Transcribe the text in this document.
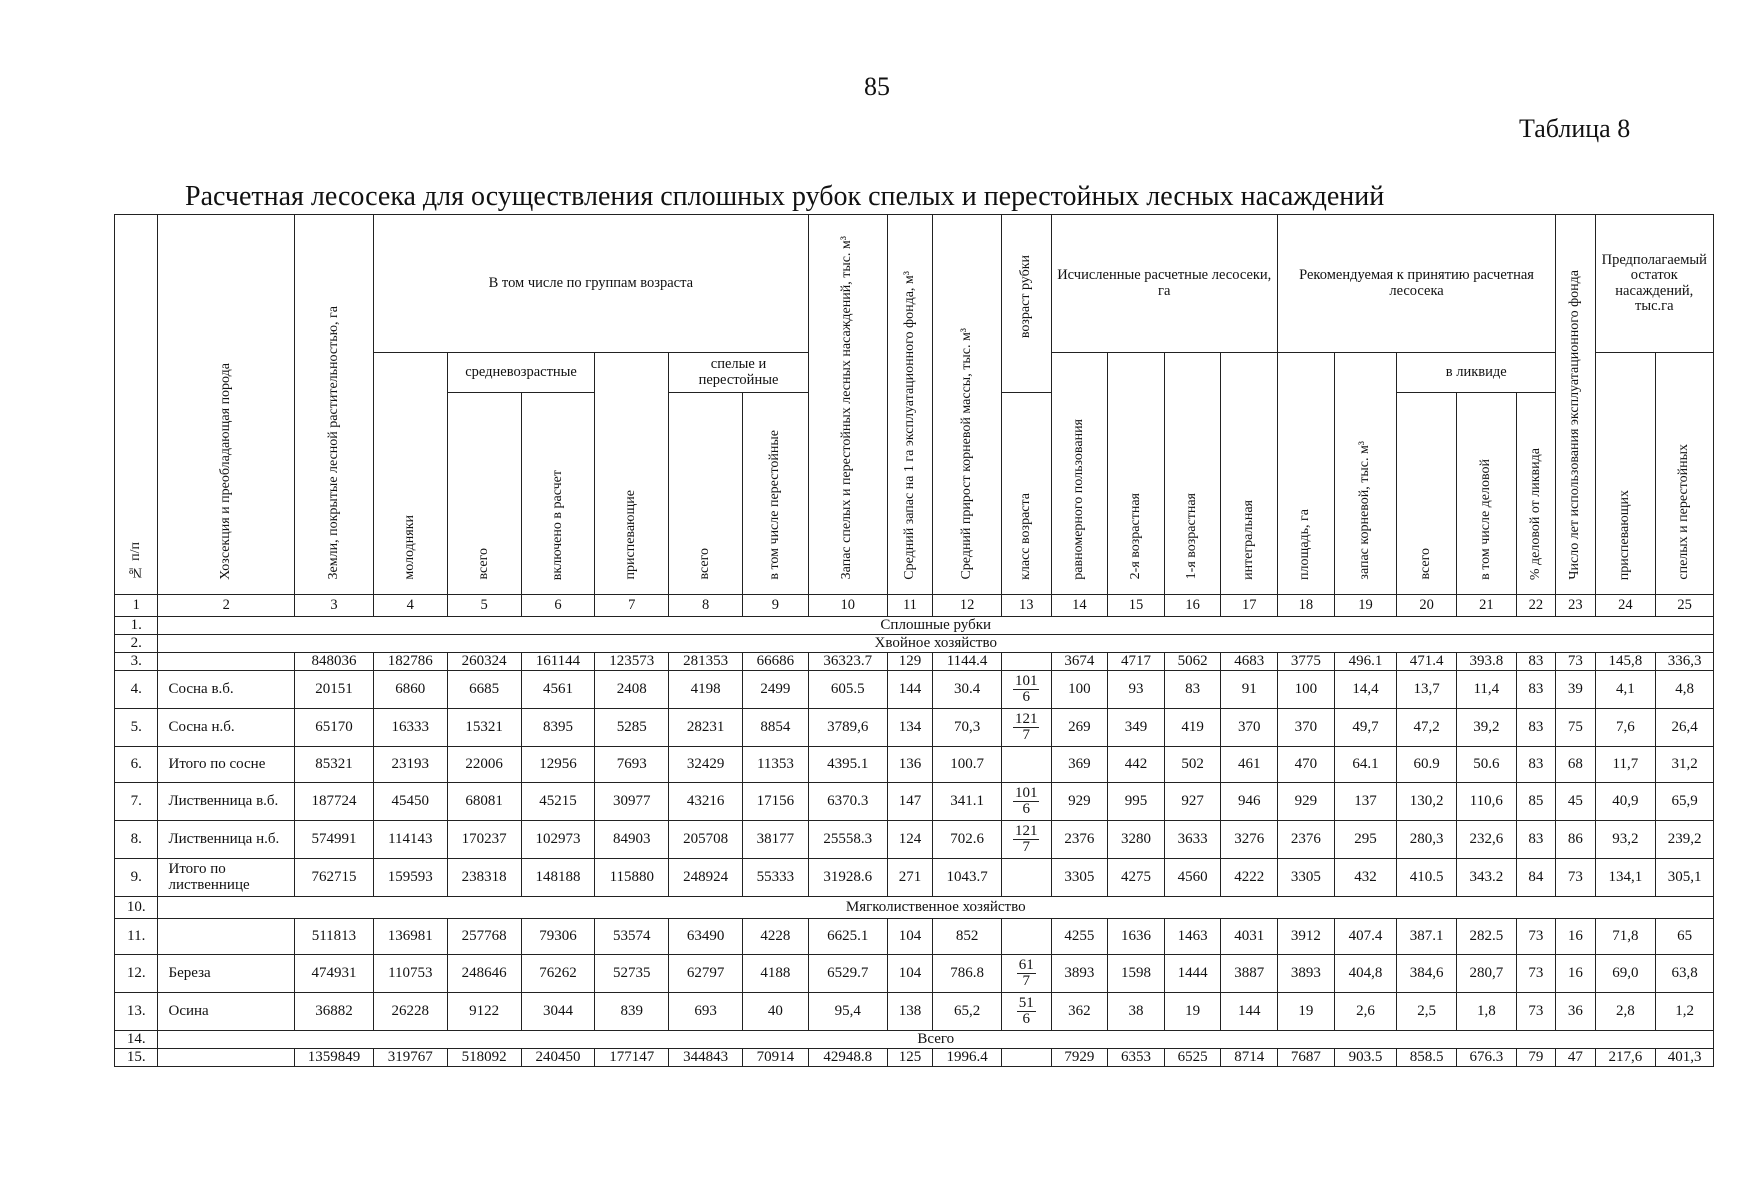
85
Таблица 8
Расчетная лесосека для осуществления сплошных рубок спелых и перестойных лесных насаждений
№ п/п	Хозсекция и преобладающая порода	Земли, покрытые лесной растительностью, га	В том числе по группам возраста						Запас спелых и перестойных лесных насаждений, тыс. м³	Средний запас на 1 га эксплуатационного фонда, м³	Средний прирост корневой массы, тыс. м³	возраст рубки	Исчисленные расчетные лесосеки, га				Рекомендуемая к принятию расчетная лесосека					Число лет использования эксплуатационного фонда	Предполагаемый остаток насаждений, тыс.га	
			молодняки	средневозрастные		приспевающие	спелые и перестойные						равномерного пользования	2-я возрастная	1-я возрастная	интегральная	площадь, га	запас корневой, тыс. м³	в ликвиде				приспевающих	спелых и перестойных
				всего	включено в расчет		всего	в том числе перестойные				класс возраста							всего	в том числе деловой	% деловой от ликвида			
1	2	3	4	5	6	7	8	9	10	11	12	13	14	15	16	17	18	19	20	21	22	23	24	25
1.	Сплошные рубки																							
2.	Хвойное хозяйство																							
3.		848036	182786	260324	161144	123573	281353	66686	36323.7	129	1144.4		3674	4717	5062	4683	3775	496.1	471.4	393.8	83	73	145,8	336,3
4.	Сосна в.б.	20151	6860	6685	4561	2408	4198	2499	605.5	144	30.4	$\frac{101}{6}$	100	93	83	91	100	14,4	13,7	11,4	83	39	4,1	4,8
5.	Сосна н.б.	65170	16333	15321	8395	5285	28231	8854	3789,6	134	70,3	$\frac{121}{7}$	269	349	419	370	370	49,7	47,2	39,2	83	75	7,6	26,4
6.	Итого по сосне	85321	23193	22006	12956	7693	32429	11353	4395.1	136	100.7		369	442	502	461	470	64.1	60.9	50.6	83	68	11,7	31,2
7.	Лиственница в.б.	187724	45450	68081	45215	30977	43216	17156	6370.3	147	341.1	$\frac{101}{6}$	929	995	927	946	929	137	130,2	110,6	85	45	40,9	65,9
8.	Лиственница н.б.	574991	114143	170237	102973	84903	205708	38177	25558.3	124	702.6	$\frac{121}{7}$	2376	3280	3633	3276	2376	295	280,3	232,6	83	86	93,2	239,2
9.	Итого по лиственнице	762715	159593	238318	148188	115880	248924	55333	31928.6	271	1043.7		3305	4275	4560	4222	3305	432	410.5	343.2	84	73	134,1	305,1
10.	Мягколиственное хозяйство																							
11.		511813	136981	257768	79306	53574	63490	4228	6625.1	104	852		4255	1636	1463	4031	3912	407.4	387.1	282.5	73	16	71,8	65
12.	Береза	474931	110753	248646	76262	52735	62797	4188	6529.7	104	786.8	$\frac{61}{7}$	3893	1598	1444	3887	3893	404,8	384,6	280,7	73	16	69,0	63,8
13.	Осина	36882	26228	9122	3044	839	693	40	95,4	138	65,2	$\frac{51}{6}$	362	38	19	144	19	2,6	2,5	1,8	73	36	2,8	1,2
14.	Всего																							
15.		1359849	319767	518092	240450	177147	344843	70914	42948.8	125	1996.4		7929	6353	6525	8714	7687	903.5	858.5	676.3	79	47	217,6	401,3
